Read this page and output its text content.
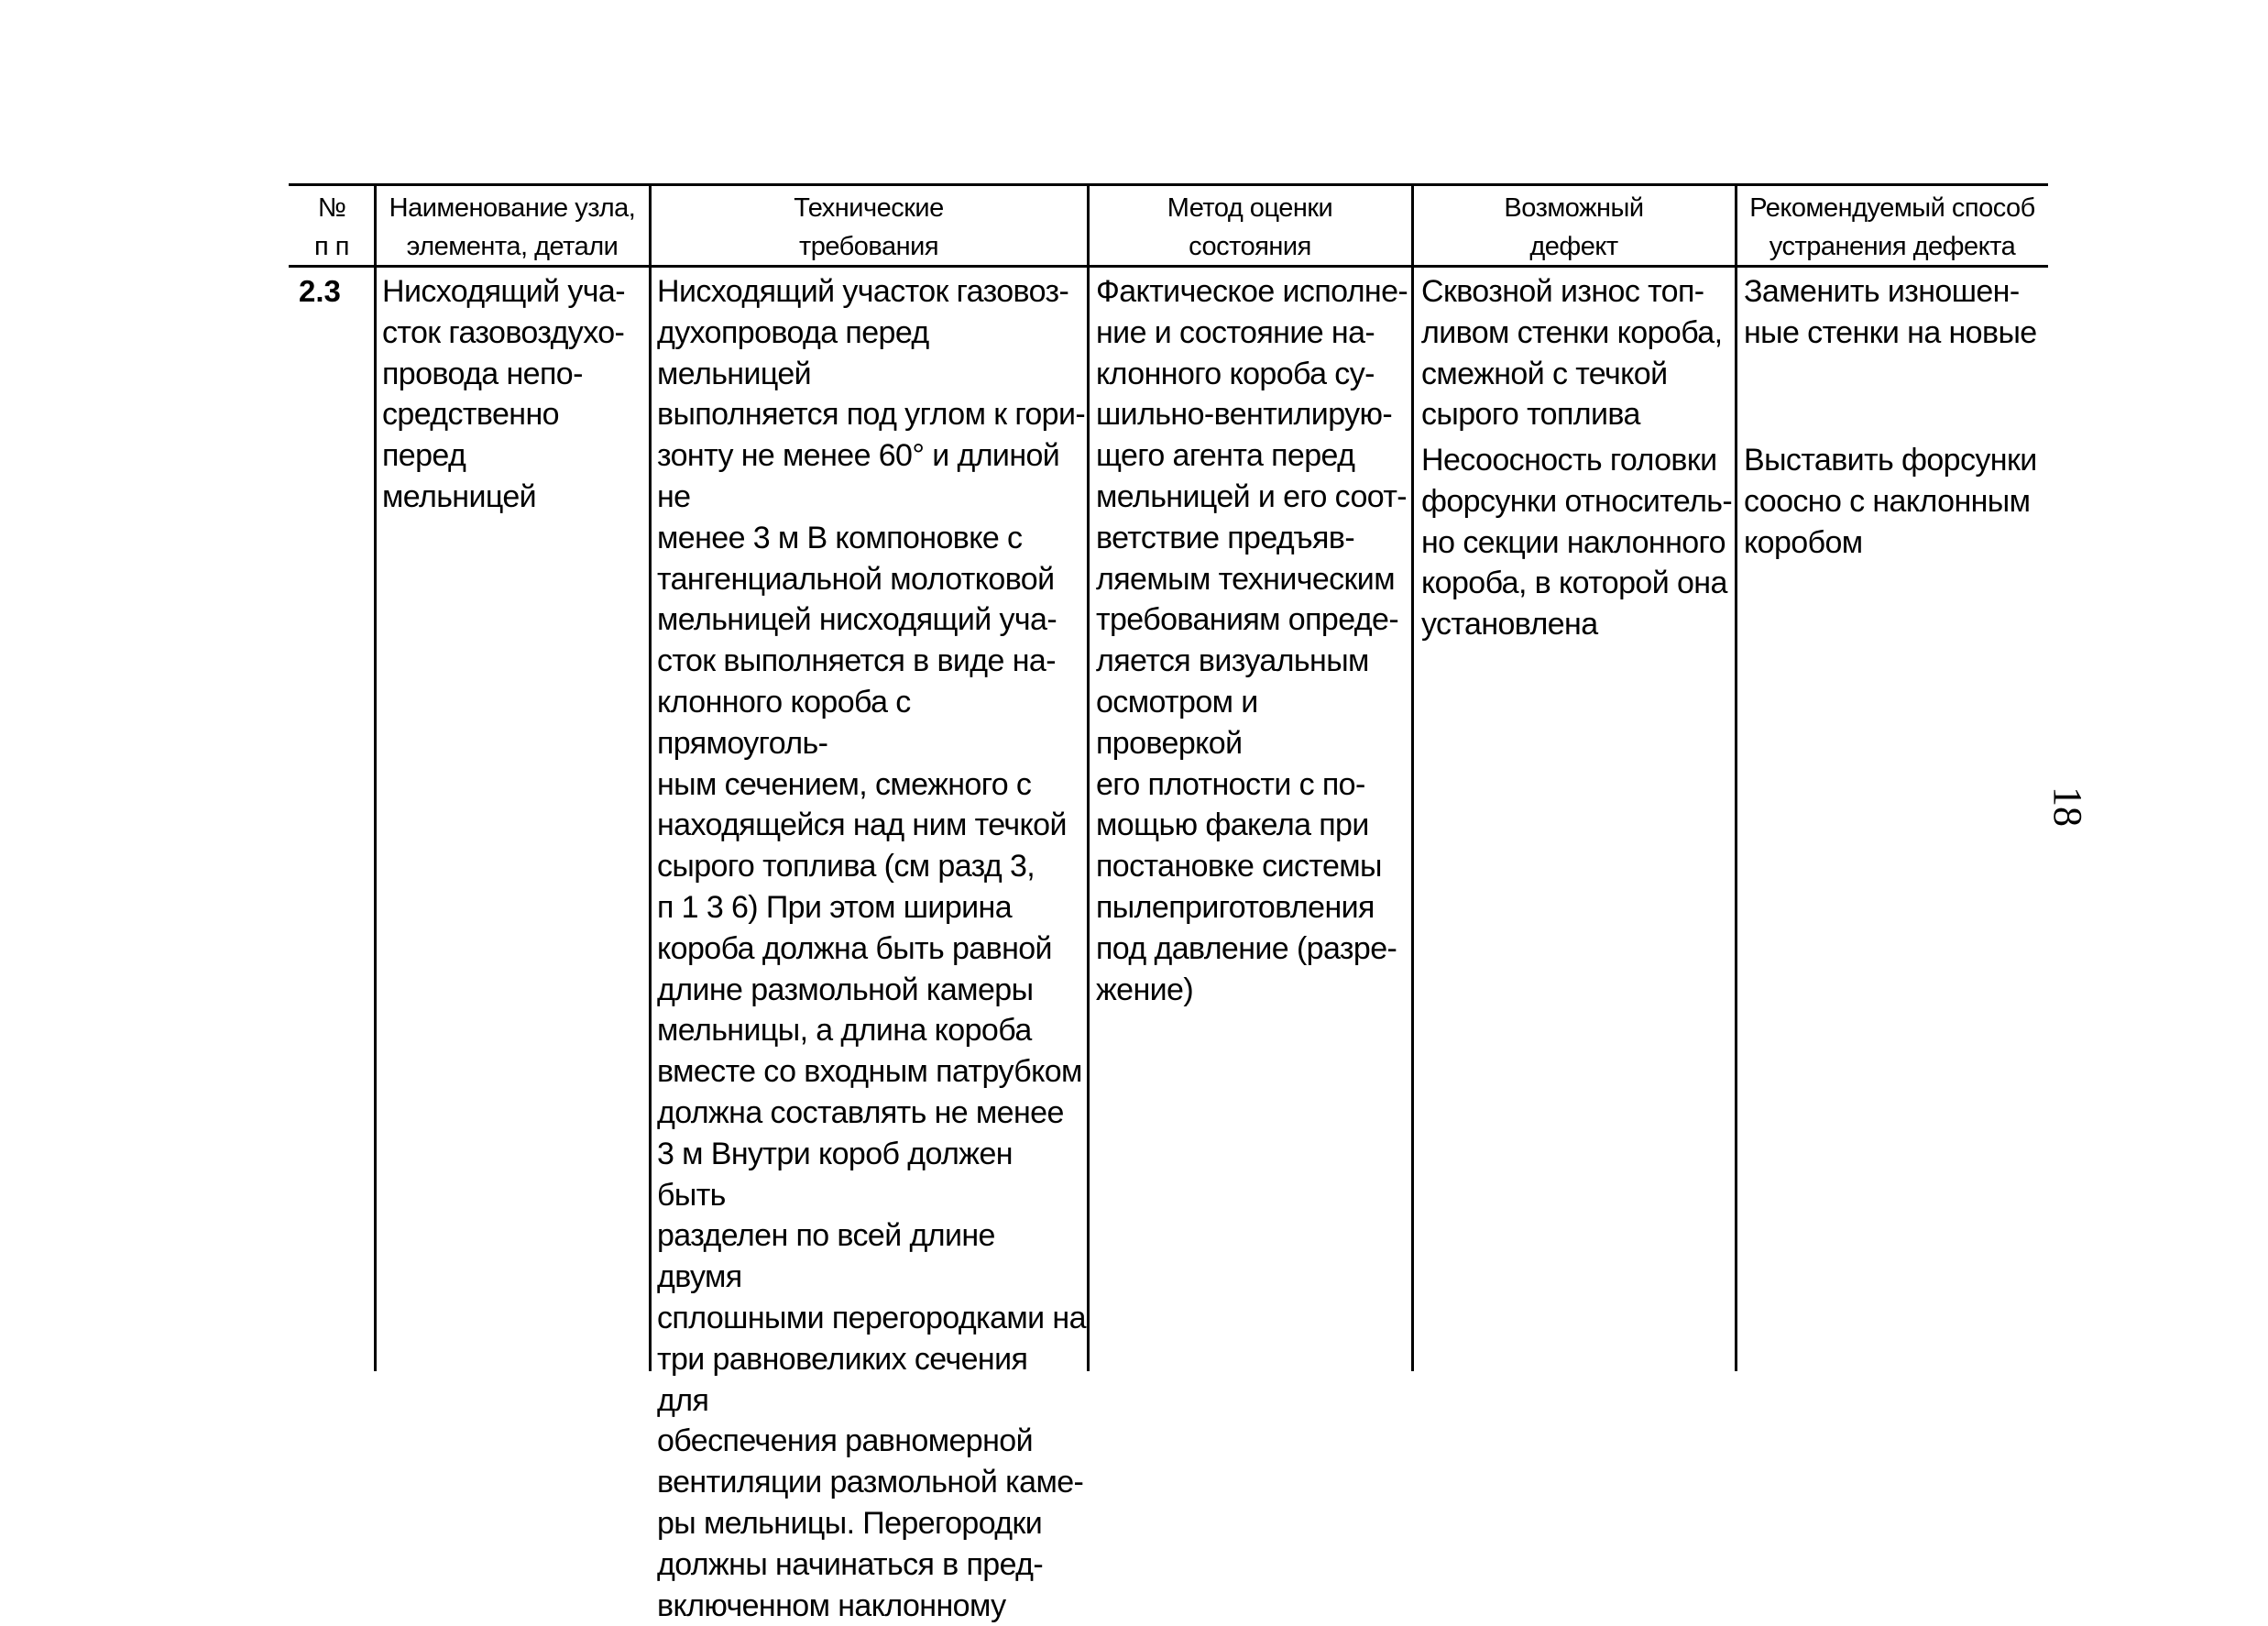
№
п п
Наименование узла,
элемента, детали
Технические
требования
Метод оценки
состояния
Возможный
дефект
Рекомендуемый способ
устранения дефекта
2.3 Нисходящий уча-
сток газовоздухо-
провода непо-
средственно перед
мельницей
Нисходящий участок газовоз-
духопровода перед мельницей
выполняется под углом к гори-
зонту не менее 60° и длиной не
менее 3 м В компоновке с
тангенциальной молотковой
мельницей нисходящий уча-
сток выполняется в виде на-
клонного короба с прямоуголь-
ным сечением, смежного с
находящейся над ним течкой
сырого топлива (см разд 3,
п 1 3 6) При этом ширина
короба должна быть равной
длине размольной камеры
мельницы, а длина короба
вместе со входным патрубком
должна составлять не менее
3 м Внутри короб должен быть
разделен по всей длине двумя
сплошными перегородками на
три равновеликих сечения для
обеспечения равномерной
вентиляции размольной каме-
ры мельницы. Перегородки
должны начинаться в пред-
включенном наклонному
Фактическое исполне-
ние и состояние на-
клонного короба су-
шильно-вентилирую-
щего агента перед
мельницей и его соот-
ветствие предъяв-
ляемым техническим
требованиям опреде-
ляется визуальным
осмотром и проверкой
его плотности с по-
мощью факела при
постановке системы
пылеприготовления
под давление (разре-
жение)
Сквозной износ топ-
ливом стенки короба,
смежной с течкой
сырого топлива
Несоосность головки
форсунки относитель-
но секции наклонного
короба, в которой она
установлена
Заменить изношен-
ные стенки на новые
Выставить форсунки
соосно с наклонным
коробом
18
